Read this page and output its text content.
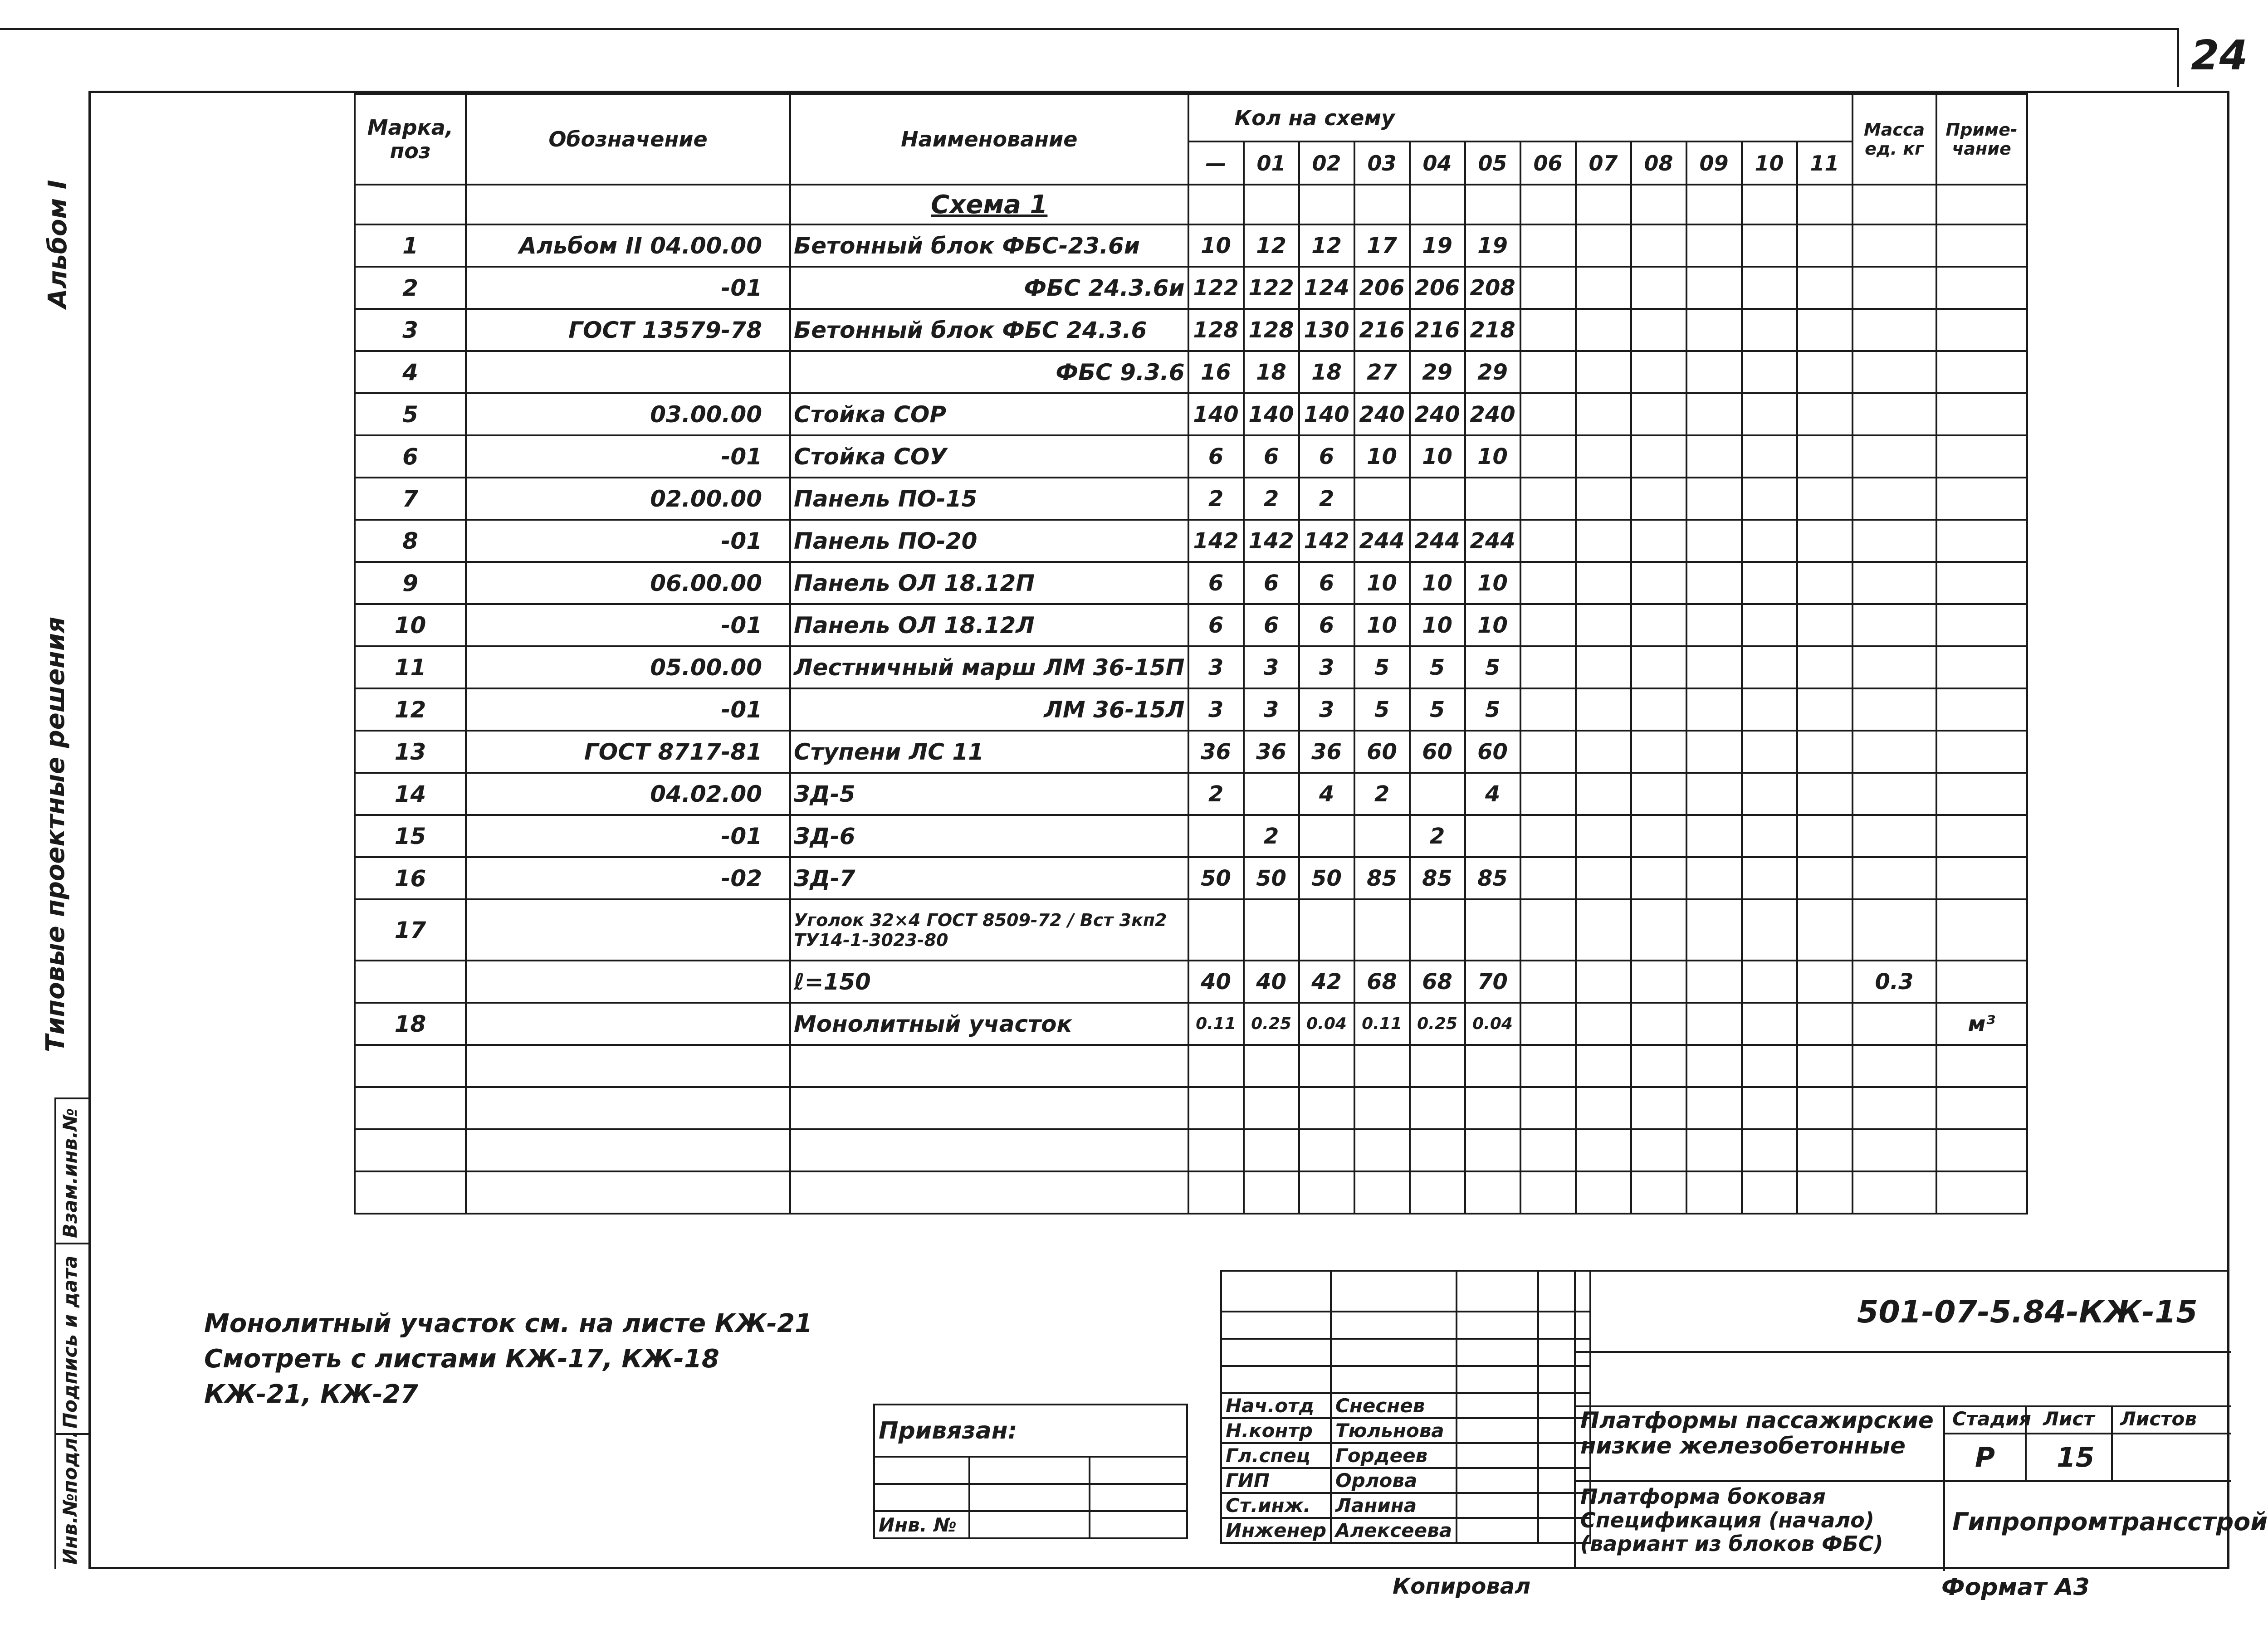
24
Альбом I
Типовые проектные решения
Взам.инв.№
Подпись и дата
Инв.№подл.
Марка, поз	Обозначение	Наименование	Кол на схему												Масса ед. кг	Приме-чание
			—	01	02	03	04	05	06	07	08	09	10	11		
		Схема 1														
1	Альбом II 04.00.00	Бетонный блок ФБС-23.6и	10	12	12	17	19	19								
2	-01	ФБС 24.3.6и	122	122	124	206	206	208								
3	ГОСТ 13579-78	Бетонный блок ФБС 24.3.6	128	128	130	216	216	218								
4		ФБС 9.3.6	16	18	18	27	29	29								
5	03.00.00	Стойка СОР	140	140	140	240	240	240								
6	-01	Стойка СОУ	6	6	6	10	10	10								
7	02.00.00	Панель ПО-15	2	2	2											
8	-01	Панель ПО-20	142	142	142	244	244	244								
9	06.00.00	Панель ОЛ 18.12П	6	6	6	10	10	10								
10	-01	Панель ОЛ 18.12Л	6	6	6	10	10	10								
11	05.00.00	Лестничный марш ЛМ 36-15П	3	3	3	5	5	5								
12	-01	ЛМ 36-15Л	3	3	3	5	5	5								
13	ГОСТ 8717-81	Ступени ЛС 11	36	36	36	60	60	60								
14	04.02.00	ЗД-5	2		4	2		4								
15	-01	ЗД-6		2			2									
16	-02	ЗД-7	50	50	50	85	85	85								
17		Уголок 32×4 ГОСТ 8509-72 / Вст 3кп2 ТУ14-1-3023-80														
		ℓ=150	40	40	42	68	68	70							0.3	
18		Монолитный участок	0.11	0.25	0.04	0.11	0.25	0.04								м³

Монолитный участок см. на листе КЖ-21
Смотреть с листами КЖ-17, КЖ-18
КЖ-21, КЖ-27
Привязан:		

Инв. №		

Нач.отд	Снеснев		
Н.контр	Тюльнова		
Гл.спец	Гордеев		
ГИП	Орлова		
Ст.инж.	Ланина		
Инженер	Алексеева		
501-07-5.84-КЖ-15
Платформы пассажирские низкие железобетонные
Платформа боковая Спецификация (начало) (вариант из блоков ФБС)
Стадия Лист Листов
Р 15
Гипропромтрансстрой
Копировал	Формат А3
